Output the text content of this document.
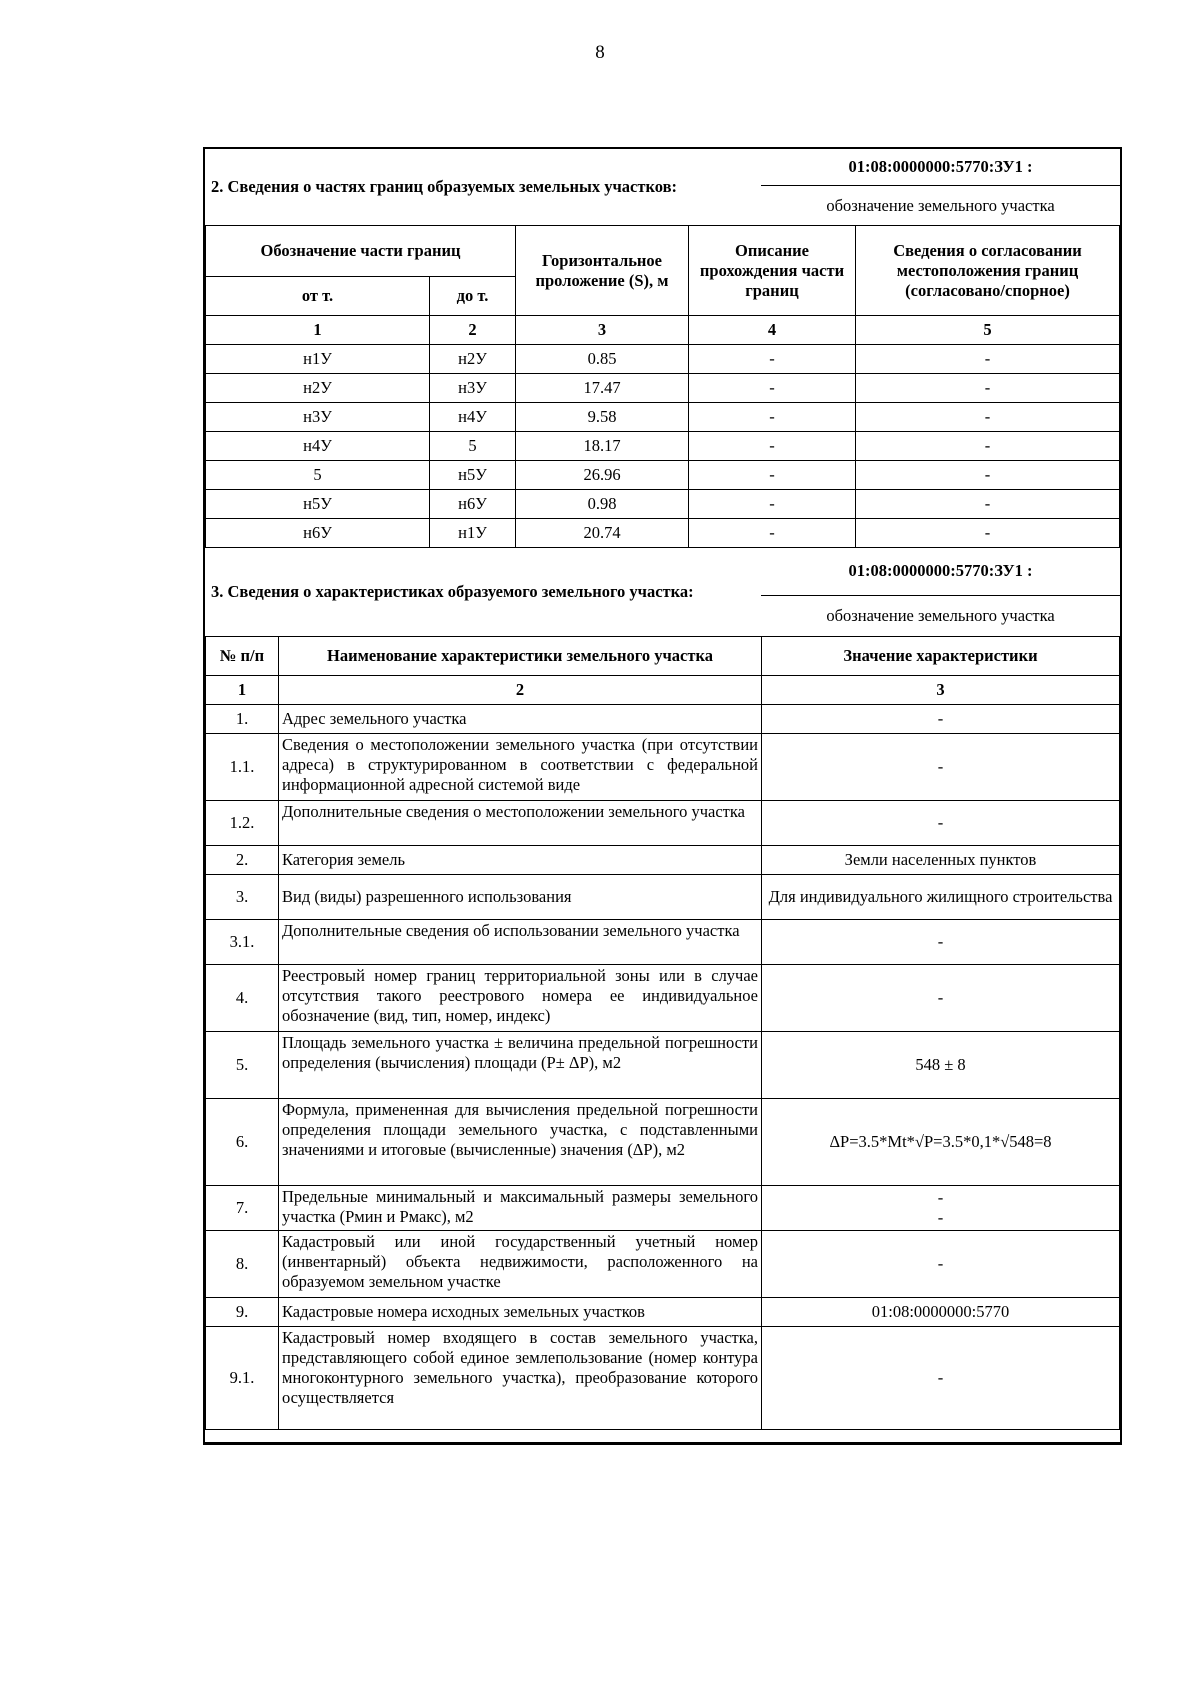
8
2. Сведения о частях границ образуемых земельных участков:	01:08:0000000:5770:ЗУ1 :
обозначение земельного участка
Обозначение части границ		Горизонтальное проложение (S), м	Описание прохождения части границ	Сведения о согласовании местоположения границ (согласовано/спорное)
от т.	до т.			
1	2	3	4	5
н1У	н2У	0.85	-	-
н2У	н3У	17.47	-	-
н3У	н4У	9.58	-	-
н4У	5	18.17	-	-
5	н5У	26.96	-	-
н5У	н6У	0.98	-	-
н6У	н1У	20.74	-	-
3. Сведения о характеристиках образуемого земельного участка:	01:08:0000000:5770:ЗУ1 :
обозначение земельного участка
№ п/п	Наименование характеристики земельного участка	Значение характеристики
1	2	3
1.	Адрес земельного участка	-
1.1.	Сведения о местоположении земельного участка (при отсутствии адреса) в структурированном в соответствии с федеральной информационной адресной системой виде	-
1.2.	Дополнительные сведения о местоположении земельного участка	-
2.	Категория земель	Земли населенных пунктов
3.	Вид (виды) разрешенного использования	Для индивидуального жилищного строительства
3.1.	Дополнительные сведения об использовании земельного участка	-
4.	Реестровый номер границ территориальной зоны или в случае отсутствия такого реестрового номера ее индивидуальное обозначение (вид, тип, номер, индекс)	-
5.	Площадь земельного участка ± величина предельной погрешности определения (вычисления) площади (Р± ΔР), м2	548 ± 8
6.	Формула, примененная для вычисления предельной погрешности определения площади земельного участка, с подставленными значениями и итоговые (вычисленные) значения (ΔР), м2	ΔР=3.5*Mt*√Р=3.5*0,1*√548=8
7.	Предельные минимальный и максимальный размеры земельного участка (Рмин и Рмакс), м2	-
-

8.	Кадастровый или иной государственный учетный номер (инвентарный) объекта недвижимости, расположенного на образуемом земельном участке	-
9.	Кадастровые номера исходных земельных участков	01:08:0000000:5770
9.1.	Кадастровый номер входящего в состав земельного участка, представляющего собой единое землепользование (номер контура многоконтурного земельного участка), преобразование которого осуществляется	-
